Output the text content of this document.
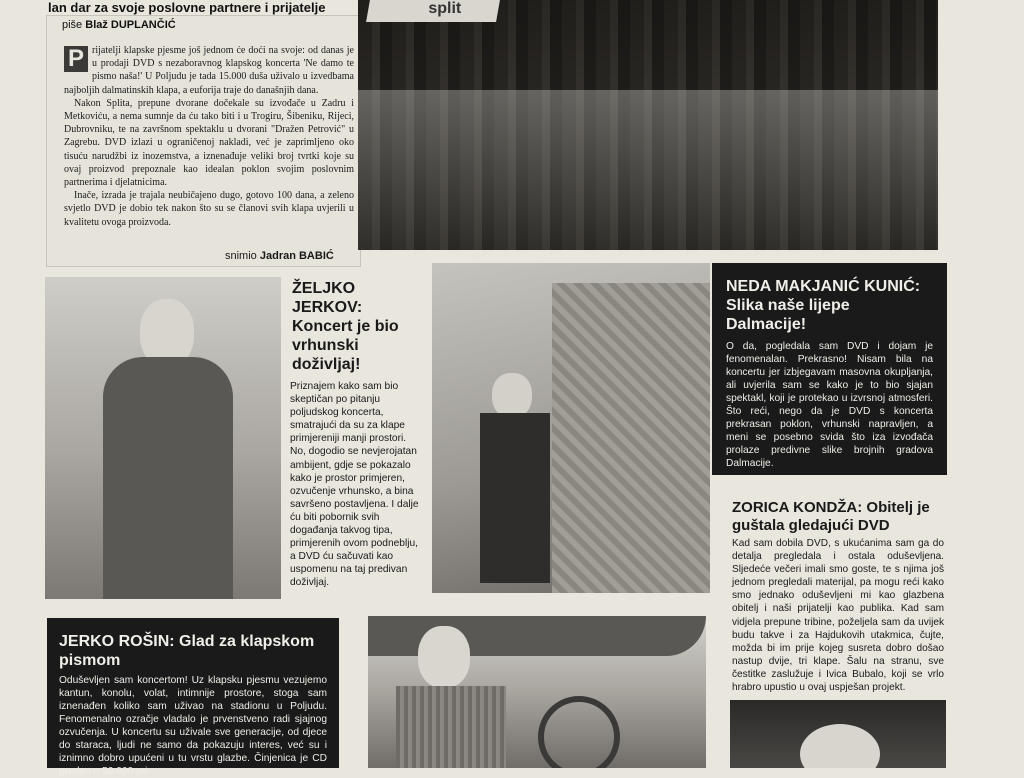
lan dar za svoje poslovne partnere i prijatelje
piše Blaž DUPLANČIĆ

P rijatelji klapske pjesme još jednom će doći na svoje: od danas je u prodaji DVD s nezaboravnog klapskog koncerta 'Ne damo te pismo naša!' U Poljudu je tada 15.000 duša uživalo u izvedbama najboljih dalmatinskih klapa, a euforija traje do današnjih dana.

Nakon Splita, prepune dvorane dočekale su izvođače u Zadru i Metkoviću, a nema sumnje da ću tako biti i u Trogiru, Šibeniku, Rijeci, Dubrovniku, te na završnom spektaklu u dvorani "Dražen Petrović" u Zagrebu. DVD izlazi u ograničenoj nakladi, već je zaprimljeno oko tisuću narudžbi iz inozemstva, a iznenađuje veliki broj tvrtki koje su ovaj proizvod prepoznale kao idealan poklon svojim poslovnim partnerima i djelatnicima.

Inače, izrada je trajala neubičajeno dugo, gotovo 100 dana, a zeleno svjetlo DVD je dobio tek nakon što su se članovi svih klapa uvjerili u kvalitetu ovoga proizvoda.

snimio Jadran BABIĆ
split
ŽELJKO JERKOV: Koncert je bio vrhunski doživljaj!
Priznajem kako sam bio skeptičan po pitanju poljudskog koncerta, smatrajući da su za klape primjereniji manji prostori. No, dogodio se nevjerojatan ambijent, gdje se pokazalo kako je prostor primjeren, ozvučenje vrhunsko, a bina savršeno postavljena. I dalje ću biti pobornik svih događanja takvog tipa, primjerenih ovom podneblju, a DVD ću sačuvati kao uspomenu na taj predivan doživljaj.
NEDA MAKJANIĆ KUNIĆ: Slika naše lijepe Dalmacije!
O da, pogledala sam DVD i dojam je fenomenalan. Prekrasno! Nisam bila na koncertu jer izbjegavam masovna okupljanja, ali uvjerila sam se kako je to bio sjajan spektakl, koji je protekao u izvrsnoj atmosferi. Što reći, nego da je DVD s koncerta prekrasan poklon, vrhunski napravljen, a meni se posebno svida što iza izvođača prolaze predivne slike brojnih gradova Dalmacije.
ZORICA KONDŽA: Obitelj je guštala gledajući DVD
Kad sam dobila DVD, s ukućanima sam ga do detalja pregledala i ostala oduševljena. Sljedeće večeri imali smo goste, te s njima još jednom pregledali materijal, pa mogu reći kako smo jednako oduševljeni mi kao glazbena obitelj i naši prijatelji kao publika. Kad sam vidjela prepune tribine, poželjela sam da uvijek budu takve i za Hajdukovih utakmica, čujte, možda bi im prije kojeg susreta dobro došao nastup dvije, tri klape. Šalu na stranu, sve čestitke zaslužuje i Ivica Bubalo, koji se vrlo hrabro upustio u ovaj uspješan projekt.
JERKO ROŠIN: Glad za klapskom pismom
Oduševljen sam koncertom! Uz klapsku pjesmu vezujemo kantun, konolu, volat, intimnije prostore, stoga sam iznenađen koliko sam uživao na stadionu u Poljudu. Fenomenalno ozračje vladalo je prvenstveno radi sjajnog ozvučenja. U koncertu su uživale sve generacije, od djece do staraca, ljudi ne samo da pokazuju interes, već su i iznimno dobro upućeni u tu vrstu glazbe. Činjenica je CD prodan u 50.000 pri-
